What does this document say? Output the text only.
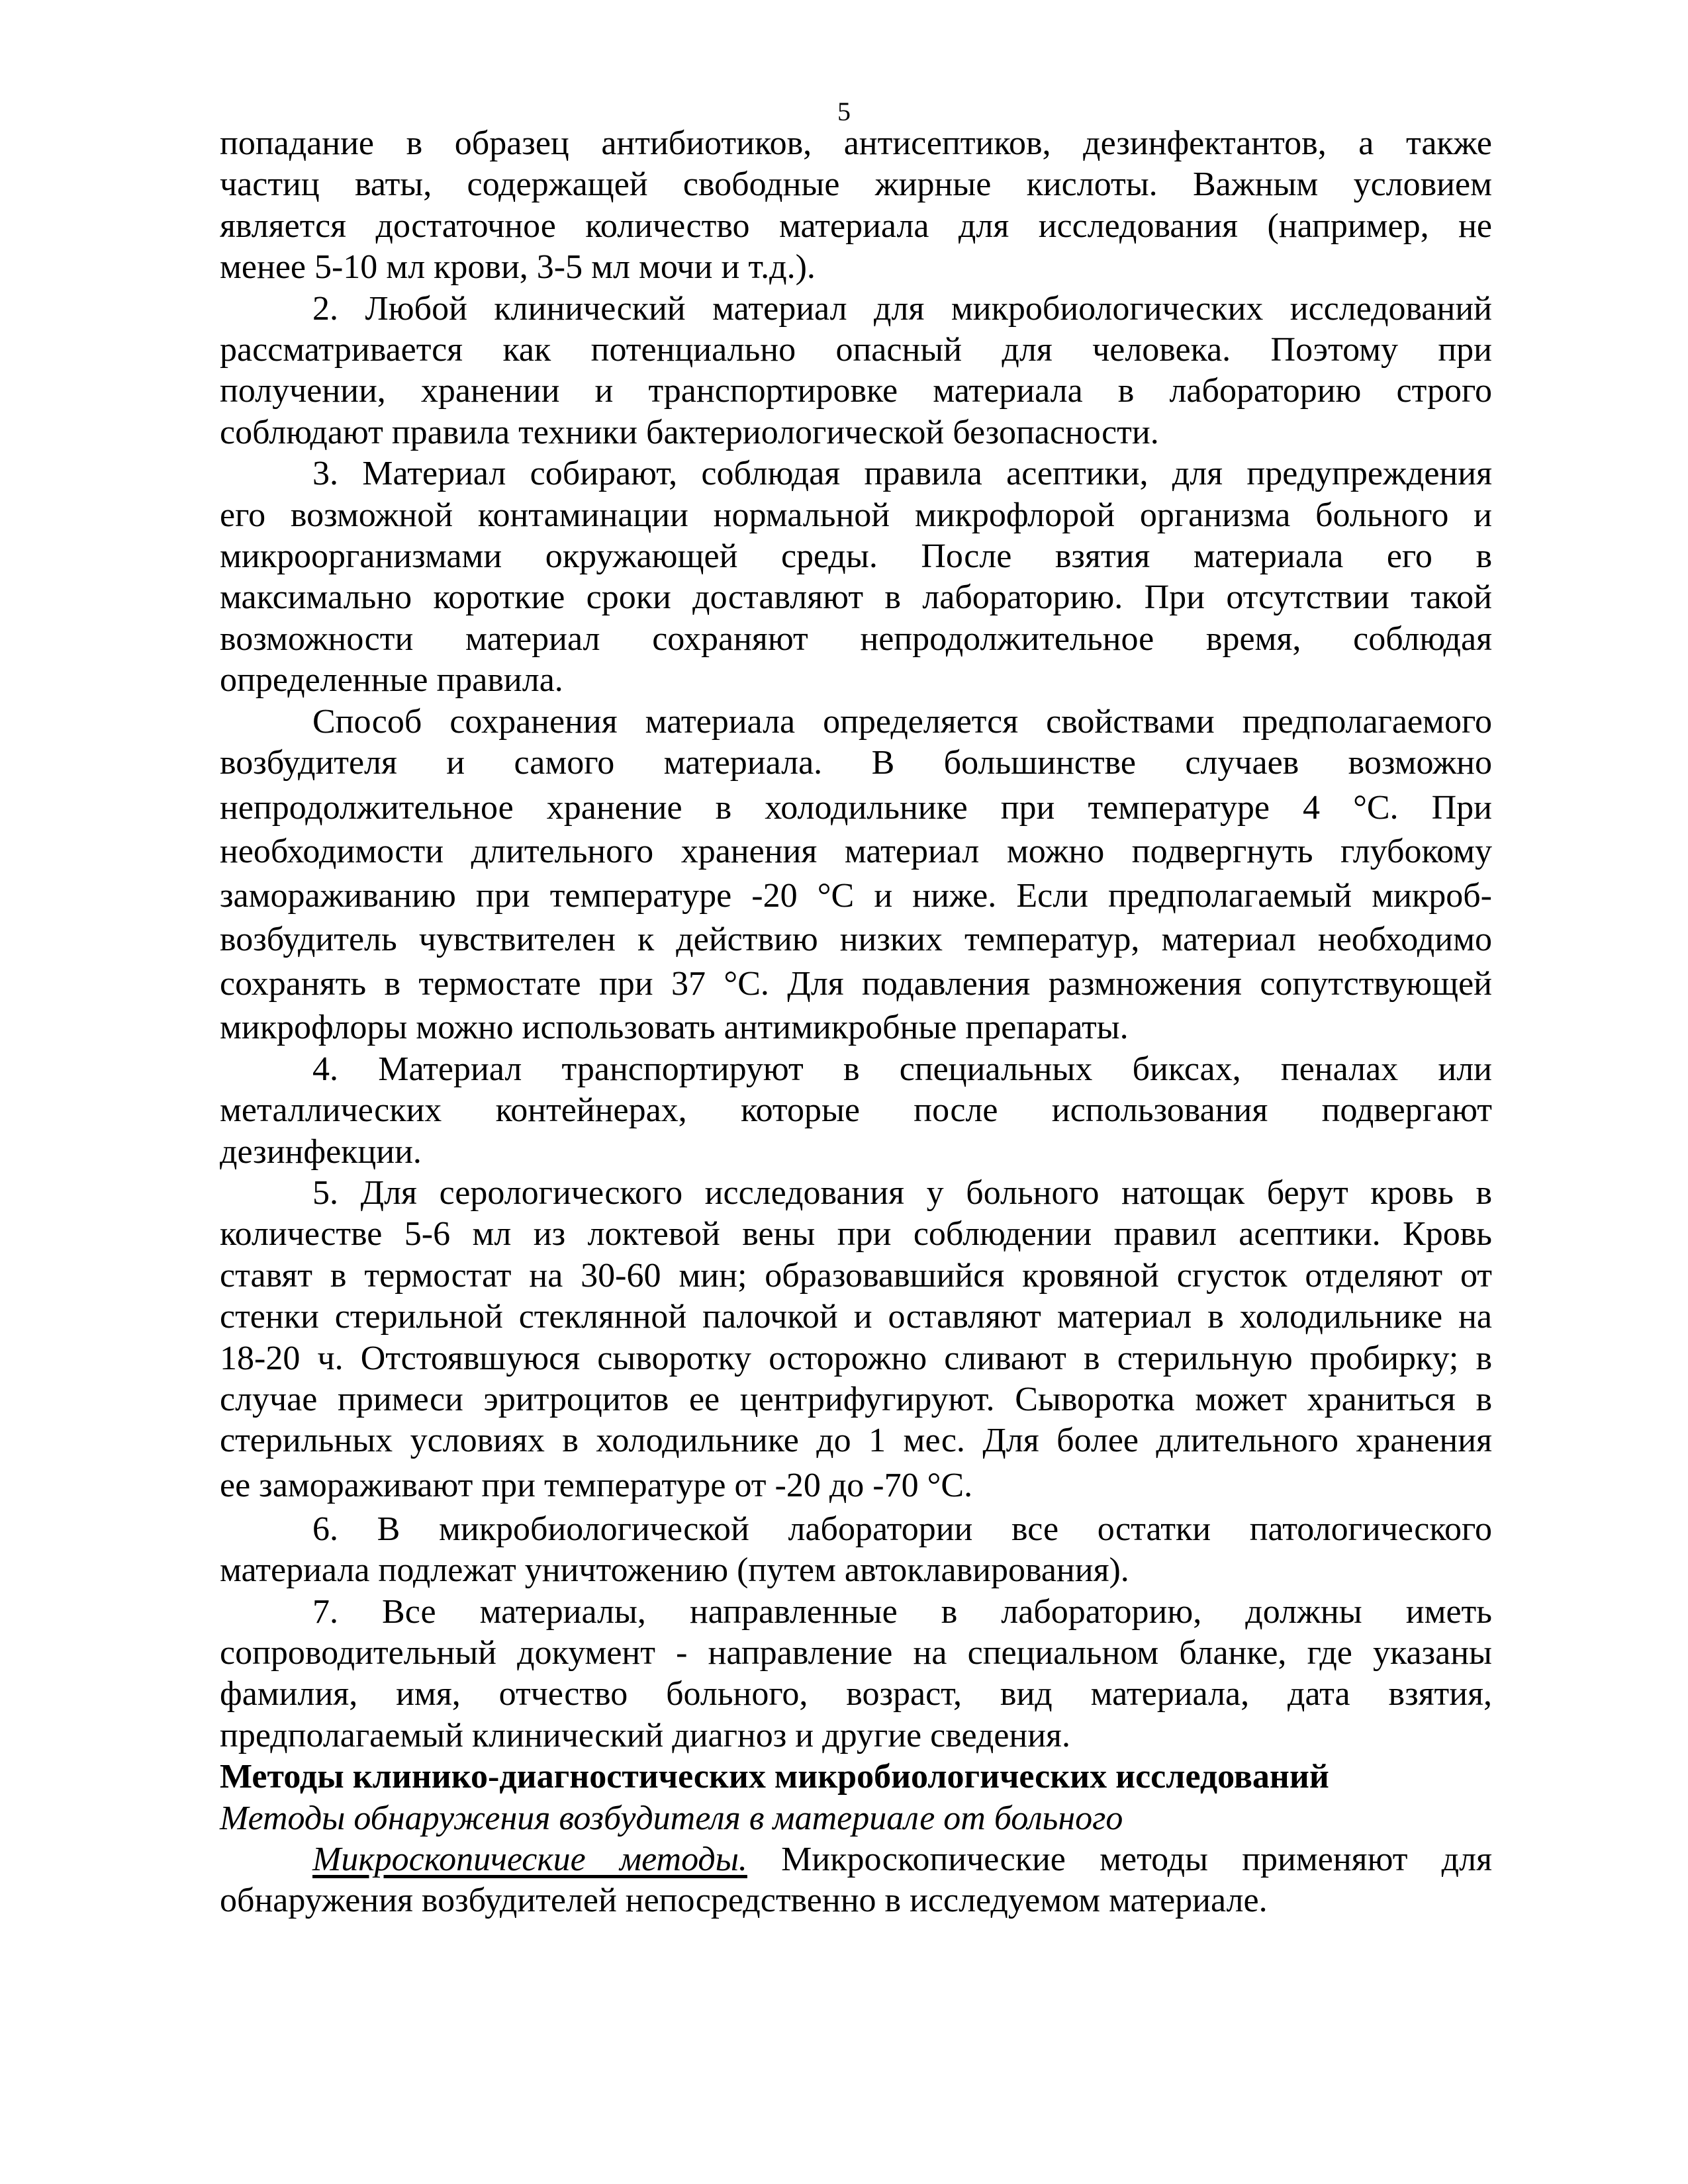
5

попадание в образец антибиотиков, антисептиков, дезинфектантов, а также

частиц ваты, содержащей свободные жирные кислоты. Важным условием

является достаточное количество материала для исследования (например, не

менее 5-10 мл крови, 3-5 мл мочи и т.д.).

2. Любой клинический материал для микробиологических исследований

рассматривается как потенциально опасный для человека. Поэтому при

получении, хранении и транспортировке материала в лабораторию строго

соблюдают правила техники бактериологической безопасности.

3. Материал собирают, соблюдая правила асептики, для предупреждения

его возможной контаминации нормальной микрофлорой организма больного и

микроорганизмами окружающей среды. После взятия материала его в

максимально короткие сроки доставляют в лабораторию. При отсутствии такой

возможности материал сохраняют непродолжительное время, соблюдая

определенные правила.

Способ сохранения материала определяется свойствами предполагаемого

возбудителя и самого материала. В большинстве случаев возможно

непродолжительное хранение в холодильнике при температуре 4 °С. При

необходимости длительного хранения материал можно подвергнуть глубокому

замораживанию при температуре -20 °С и ниже. Если предполагаемый микроб-

возбудитель чувствителен к действию низких температур, материал необходимо

сохранять в термостате при 37 °С. Для подавления размножения сопутствующей

микрофлоры можно использовать антимикробные препараты.

4. Материал транспортируют в специальных биксах, пеналах или

металлических контейнерах, которые после использования подвергают

дезинфекции.

5. Для серологического исследования у больного натощак берут кровь в

количестве 5-6 мл из локтевой вены при соблюдении правил асептики. Кровь

ставят в термостат на 30-60 мин; образовавшийся кровяной сгусток отделяют от

стенки стерильной стеклянной палочкой и оставляют материал в холодильнике на

18-20 ч. Отстоявшуюся сыворотку осторожно сливают в стерильную пробирку; в

случае примеси эритроцитов ее центрифугируют. Сыворотка может храниться в

стерильных условиях в холодильнике до 1 мес. Для более длительного хранения

ее замораживают при температуре от -20 до -70 °С.

6. В микробиологической лаборатории все остатки патологического

материала подлежат уничтожению (путем автоклавирования).

7. Все материалы, направленные в лабораторию, должны иметь

сопроводительный документ - направление на специальном бланке, где указаны

фамилия, имя, отчество больного, возраст, вид материала, дата взятия,

предполагаемый клинический диагноз и другие сведения.

Методы клинико-диагностических микробиологических исследований

Методы обнаружения возбудителя в материале от больного

Микроскопические методы. Микроскопические методы применяют для

обнаружения возбудителей непосредственно в исследуемом материале.
